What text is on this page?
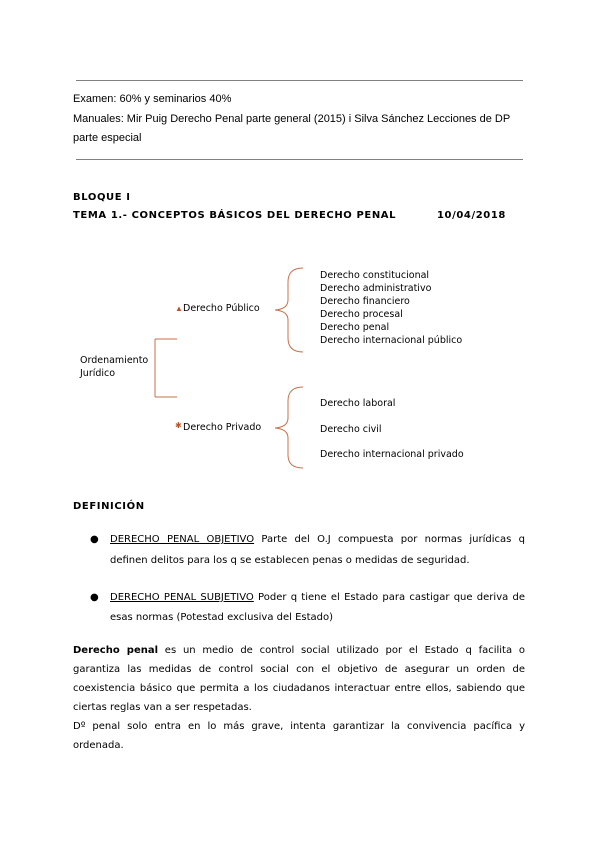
Examen: 60% y seminarios 40%
Manuales: Mir Puig Derecho Penal parte general (2015) i Silva Sánchez Lecciones de DP
parte especial
BLOQUE I
TEMA 1.- CONCEPTOS BÁSICOS DEL DERECHO PENAL	10/04/2018
Ordenamiento
Jurídico
▲ Derecho Público
✱ Derecho Privado
Derecho constitucional
Derecho administrativo
Derecho financiero
Derecho procesal
Derecho penal
Derecho internacional público
Derecho laboral
Derecho civil
Derecho internacional privado
DEFINICIÓN
● DERECHO PENAL OBJETIVO Parte del O.J compuesta por normas jurídicas q
definen delitos para los q se establecen penas o medidas de seguridad.
● DERECHO PENAL SUBJETIVO Poder q tiene el Estado para castigar que deriva de
esas normas (Potestad exclusiva del Estado)
Derecho penal es un medio de control social utilizado por el Estado q facilita o
garantiza las medidas de control social con el objetivo de asegurar un orden de
coexistencia básico que permita a los ciudadanos interactuar entre ellos, sabiendo que
ciertas reglas van a ser respetadas.
Dº penal solo entra en lo más grave, intenta garantizar la convivencia pacífica y
ordenada.
